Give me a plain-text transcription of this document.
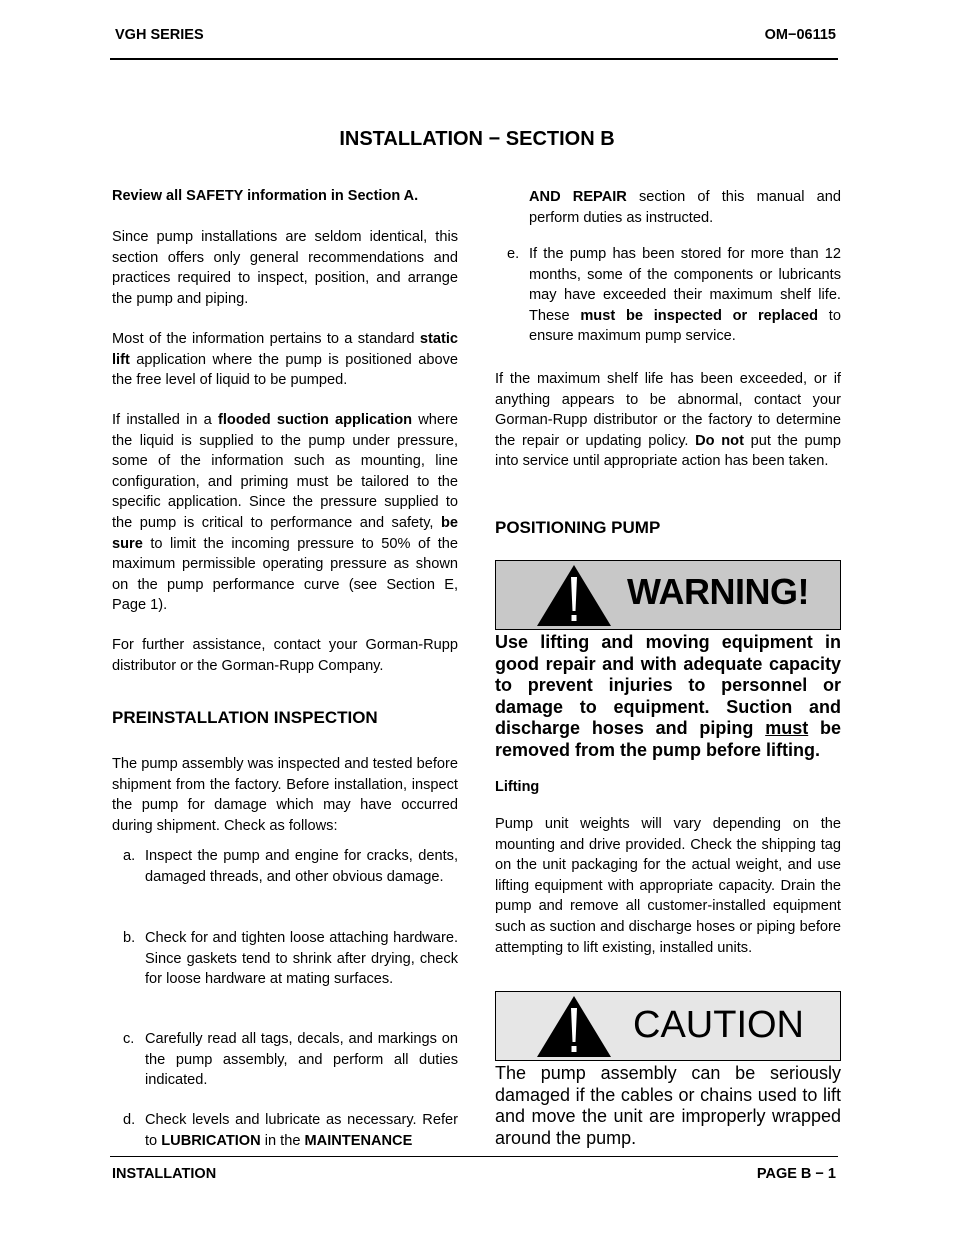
VGH SERIES	OM−06115
INSTALLATION − SECTION B
Review all SAFETY information in Section A.
Since pump installations are seldom identical, this section offers only general recommendations and practices required to inspect, position, and arrange the pump and piping.
Most of the information pertains to a standard static lift application where the pump is positioned above the free level of liquid to be pumped.
If installed in a flooded suction application where the liquid is supplied to the pump under pressure, some of the information such as mounting, line configuration, and priming must be tailored to the specific application. Since the pressure supplied to the pump is critical to performance and safety, be sure to limit the incoming pressure to 50% of the maximum permissible operating pressure as shown on the pump performance curve (see Section E, Page 1).
For further assistance, contact your Gorman-Rupp distributor or the Gorman-Rupp Company.
PREINSTALLATION INSPECTION
The pump assembly was inspected and tested before shipment from the factory. Before installation, inspect the pump for damage which may have occurred during shipment. Check as follows:
a. Inspect the pump and engine for cracks, dents, damaged threads, and other obvious damage.
b. Check for and tighten loose attaching hardware. Since gaskets tend to shrink after drying, check for loose hardware at mating surfaces.
c. Carefully read all tags, decals, and markings on the pump assembly, and perform all duties indicated.
d. Check levels and lubricate as necessary. Refer to LUBRICATION in the MAINTENANCE
AND REPAIR section of this manual and perform duties as instructed.
e. If the pump has been stored for more than 12 months, some of the components or lubricants may have exceeded their maximum shelf life. These must be inspected or replaced to ensure maximum pump service.
If the maximum shelf life has been exceeded, or if anything appears to be abnormal, contact your Gorman-Rupp distributor or the factory to determine the repair or updating policy. Do not put the pump into service until appropriate action has been taken.
POSITIONING PUMP
WARNING!
Use lifting and moving equipment in good repair and with adequate capacity to prevent injuries to personnel or damage to equipment. Suction and discharge hoses and piping must be removed from the pump before lifting.
Lifting
Pump unit weights will vary depending on the mounting and drive provided. Check the shipping tag on the unit packaging for the actual weight, and use lifting equipment with appropriate capacity. Drain the pump and remove all customer-installed equipment such as suction and discharge hoses or piping before attempting to lift existing, installed units.
CAUTION
The pump assembly can be seriously damaged if the cables or chains used to lift and move the unit are improperly wrapped around the pump.
INSTALLATION	PAGE B − 1
